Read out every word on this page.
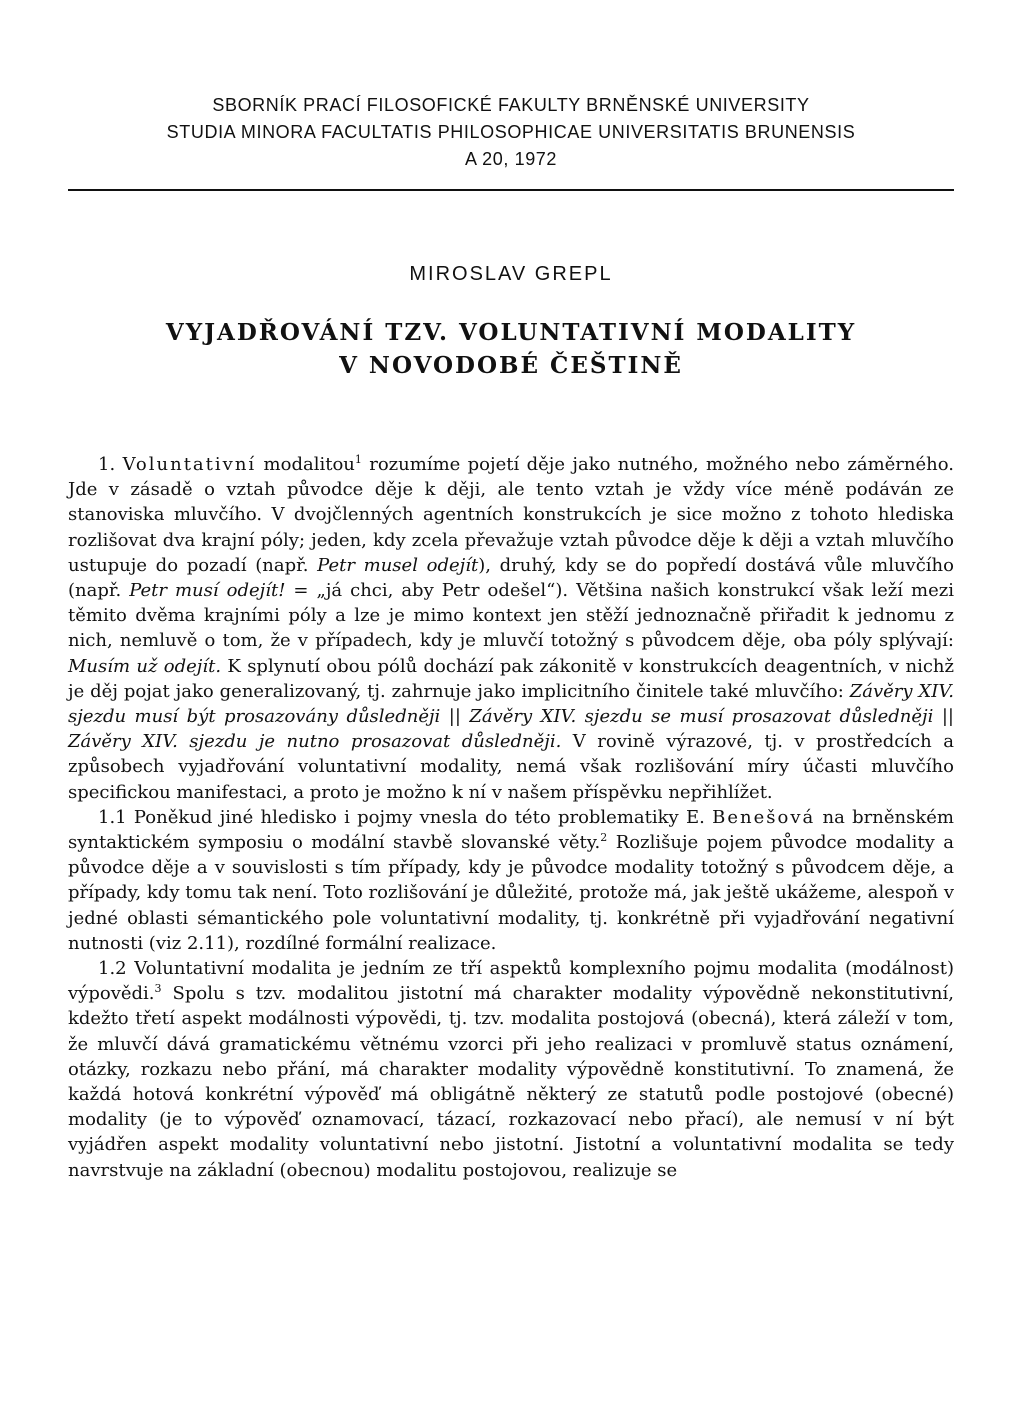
SBORNÍK PRACÍ FILOSOFICKÉ FAKULTY BRNĚNSKÉ UNIVERSITY
STUDIA MINORA FACULTATIS PHILOSOPHICAE UNIVERSITATIS BRUNENSIS
A 20, 1972
MIROSLAV GREPL
VYJADŘOVÁNÍ TZV. VOLUNTATIVNÍ MODALITY
V NOVODOBÉ ČEŠTINĚ

1. Voluntativní modalitou$^1$ rozumíme pojetí děje jako nutného, možného nebo záměrného. Jde v zásadě o vztah původce děje k ději, ale tento vztah je vždy více méně podáván ze stanoviska mluvčího. V dvojčlenných agentních konstrukcích je sice možno z tohoto hlediska rozlišovat dva krajní póly; jeden, kdy zcela převažuje vztah původce děje k ději a vztah mluvčího ustupuje do pozadí (např. Petr musel odejít), druhý, kdy se do popředí dostává vůle mluvčího (např. Petr musí odejít! = „já chci, aby Petr odešel“). Většina našich konstrukcí však leží mezi těmito dvěma krajními póly a lze je mimo kontext jen stěží jednoznačně přiřadit k jednomu z nich, nemluvě o tom, že v případech, kdy je mluvčí totožný s původcem děje, oba póly splývají: Musím už odejít. K splynutí obou pólů dochází pak zákonitě v konstrukcích deagentních, v nichž je děj pojat jako generalizovaný, tj. zahrnuje jako implicitního činitele také mluvčího: Závěry XIV. sjezdu musí být prosazovány důsledněji || Závěry XIV. sjezdu se musí prosazovat důsledněji || Závěry XIV. sjezdu je nutno prosazovat důsledněji. V rovině výrazové, tj. v prostředcích a způsobech vyjadřování voluntativní modality, nemá však rozlišování míry účasti mluvčího specifickou manifestaci, a proto je možno k ní v našem příspěvku nepřihlížet.

1.1 Poněkud jiné hledisko i pojmy vnesla do této problematiky E. Benešová na brněnském syntaktickém symposiu o modální stavbě slovanské věty.$^2$ Rozlišuje pojem původce modality a původce děje a v souvislosti s tím případy, kdy je původce modality totožný s původcem děje, a případy, kdy tomu tak není. Toto rozlišování je důležité, protože má, jak ještě ukážeme, alespoň v jedné oblasti sémantického pole voluntativní modality, tj. konkrétně při vyjadřování negativní nutnosti (viz 2.11), rozdílné formální realizace.

1.2 Voluntativní modalita je jedním ze tří aspektů komplexního pojmu modalita (modálnost) výpovědi.$^3$ Spolu s tzv. modalitou jistotní má charakter modality výpovědně nekonstitutivní, kdežto třetí aspekt modálnosti výpovědi, tj. tzv. modalita postojová (obecná), která záleží v tom, že mluvčí dává gramatickému větnému vzorci při jeho realizaci v promluvě status oznámení, otázky, rozkazu nebo přání, má charakter modality výpovědně konstitutivní. To znamená, že každá hotová konkrétní výpověď má obligátně některý ze statutů podle postojové (obecné) modality (je to výpověď oznamovací, tázací, rozkazovací nebo přací), ale nemusí v ní být vyjádřen aspekt modality voluntativní nebo jistotní. Jistotní a voluntativní modalita se tedy navrstvuje na základní (obecnou) modalitu postojovou, realizuje se
